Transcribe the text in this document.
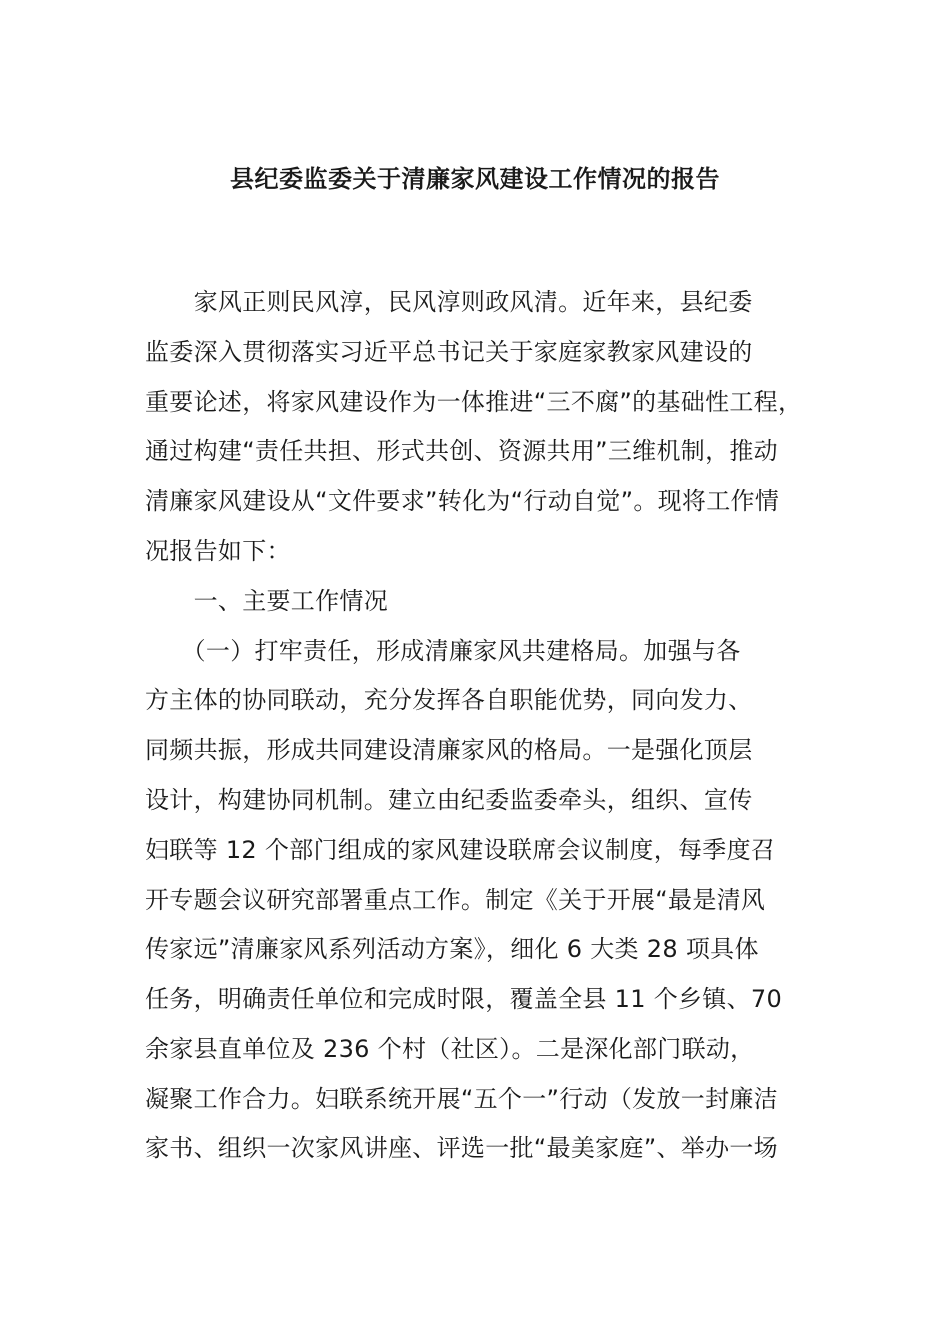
县纪委监委关于清廉家风建设工作情况的报告
　　家风正则民风淳，民风淳则政风清。近年来，县纪委
监委深入贯彻落实习近平总书记关于家庭家教家风建设的
重要论述，将家风建设作为一体推进“三不腐”的基础性工程，
通过构建“责任共担、形式共创、资源共用”三维机制，推动
清廉家风建设从“文件要求”转化为“行动自觉”。现将工作情
况报告如下：
　　一、主要工作情况
　　（一）打牢责任，形成清廉家风共建格局。加强与各
方主体的协同联动，充分发挥各自职能优势，同向发力、
同频共振，形成共同建设清廉家风的格局。一是强化顶层
设计，构建协同机制。建立由纪委监委牵头，组织、宣传
妇联等 12 个部门组成的家风建设联席会议制度，每季度召
开专题会议研究部署重点工作。制定《关于开展“最是清风
传家远”清廉家风系列活动方案》，细化 6 大类 28 项具体
任务，明确责任单位和完成时限，覆盖全县 11 个乡镇、70
余家县直单位及 236 个村（社区）。二是深化部门联动，
凝聚工作合力。妇联系统开展“五个一”行动（发放一封廉洁
家书、组织一次家风讲座、评选一批“最美家庭”、举办一场
